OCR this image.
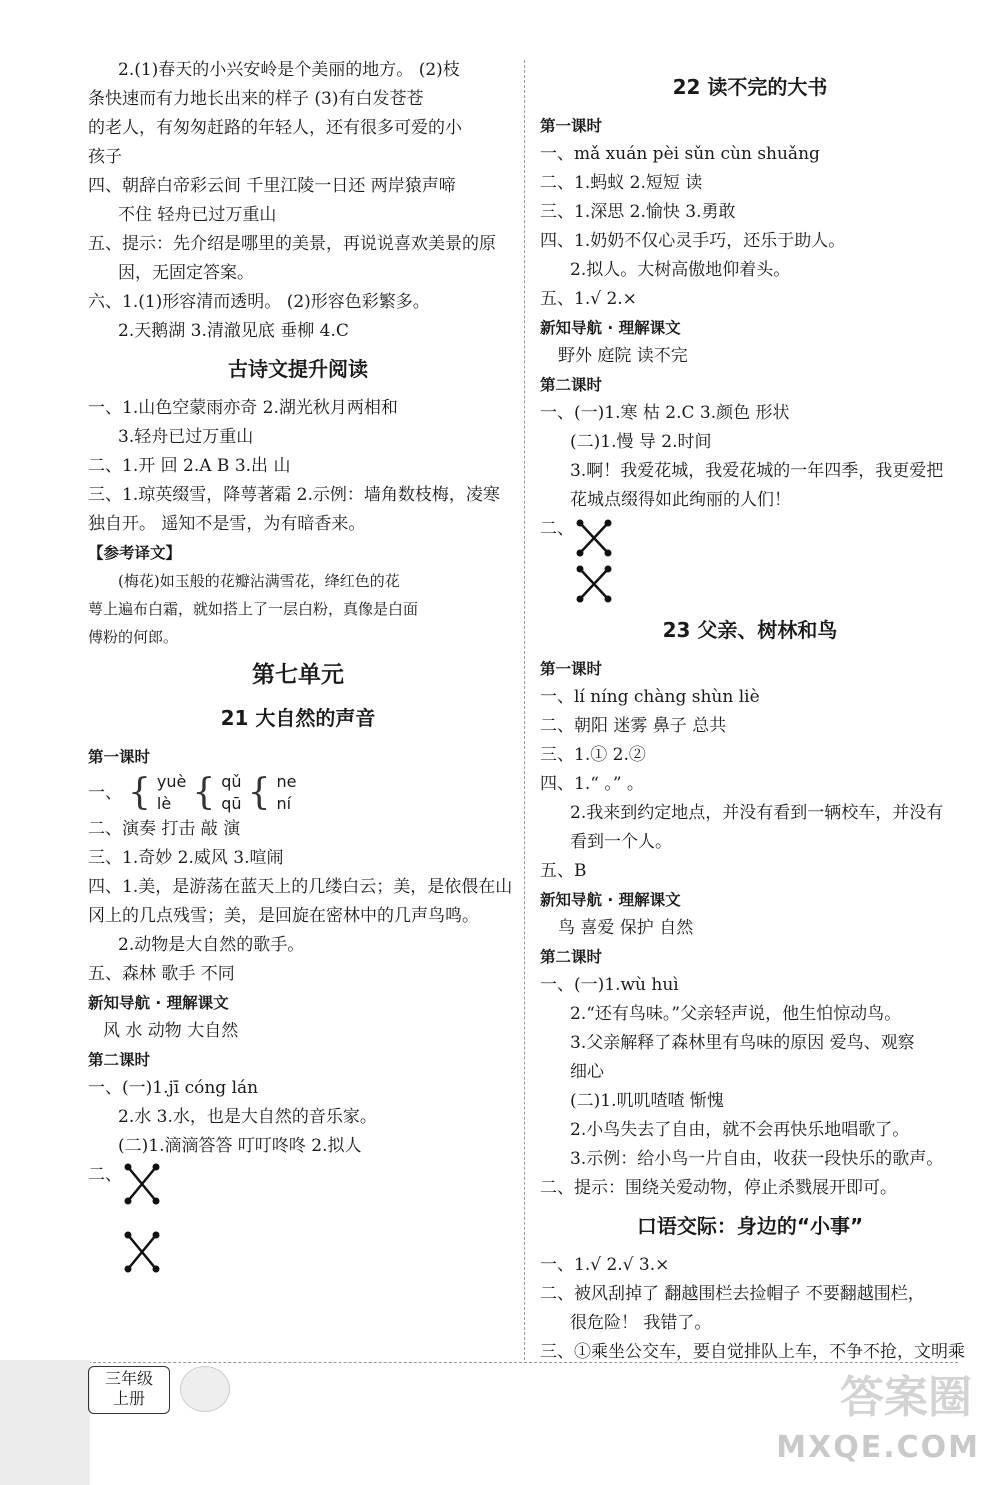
2.(1)春天的小兴安岭是个美丽的地方。 (2)枝
条快速而有力地长出来的样子 (3)有白发苍苍
的老人，有匆匆赶路的年轻人，还有很多可爱的小
孩子
四、朝辞白帝彩云间 千里江陵一日还 两岸猿声啼
不住 轻舟已过万重山
五、提示：先介绍是哪里的美景，再说说喜欢美景的原
因，无固定答案。
六、1.(1)形容清而透明。 (2)形容色彩繁多。
2.天鹅湖 3.清澈见底 垂柳 4.C
古诗文提升阅读
一、1.山色空蒙雨亦奇 2.湖光秋月两相和
3.轻舟已过万重山
二、1.开 回 2.A B 3.出 山
三、1.琼英缀雪，降萼著霜 2.示例：墙角数枝梅，凌寒
独自开。 遥知不是雪，为有暗香来。
【参考译文】
(梅花)如玉般的花瓣沾满雪花，绛红色的花
萼上遍布白霜，就如搭上了一层白粉，真像是白面
傅粉的何郎。
第七单元
21 大自然的声音
第一课时
一、 { yuè
lè { qǔ
qū { ne
ní
二、演奏 打击 敲 演
三、1.奇妙 2.威风 3.喧闹
四、1.美，是游荡在蓝天上的几缕白云；美，是依偎在山
冈上的几点残雪；美，是回旋在密林中的几声鸟鸣。
2.动物是大自然的歌手。
五、森林 歌手 不同
新知导航 · 理解课文
风 水 动物 大自然
第二课时
一、(一)1.jī cóng lán
2.水 3.水，也是大自然的音乐家。
(二)1.滴滴答答 叮叮咚咚 2.拟人
二、
22 读不完的大书
第一课时
一、mǎ xuán pèi sǔn cùn shuǎng
二、1.蚂蚁 2.短短 读
三、1.深思 2.愉快 3.勇敢
四、1.奶奶不仅心灵手巧，还乐于助人。
2.拟人。大树高傲地仰着头。
五、1.√ 2.×
新知导航 · 理解课文
野外 庭院 读不完
第二课时
一、(一)1.寒 枯 2.C 3.颜色 形状
(二)1.慢 导 2.时间
3.啊！我爱花城，我爱花城的一年四季，我更爱把
花城点缀得如此绚丽的人们！
二、
23 父亲、树林和鸟
第一课时
一、lí níng chàng shùn liè
二、朝阳 迷雾 鼻子 总共
三、1.① 2.②
四、1.“ 。” 。
2.我来到约定地点，并没有看到一辆校车，并没有
看到一个人。
五、B
新知导航 · 理解课文
鸟 喜爱 保护 自然
第二课时
一、(一)1.wù huì
2.“还有鸟味。”父亲轻声说，他生怕惊动鸟。
3.父亲解释了森林里有鸟味的原因 爱鸟、观察
细心
(二)1.叽叽喳喳 惭愧
2.小鸟失去了自由，就不会再快乐地唱歌了。
3.示例：给小鸟一片自由，收获一段快乐的歌声。
二、提示：围绕关爱动物，停止杀戮展开即可。
口语交际：身边的“小事”
一、1.√ 2.√ 3.×
二、被风刮掉了 翻越围栏去捡帽子 不要翻越围栏，
很危险！ 我错了。
三、①乘坐公交车，要自觉排队上车，不争不抢，文明乘
三年级
上册	答案圈
MXQE.COM
